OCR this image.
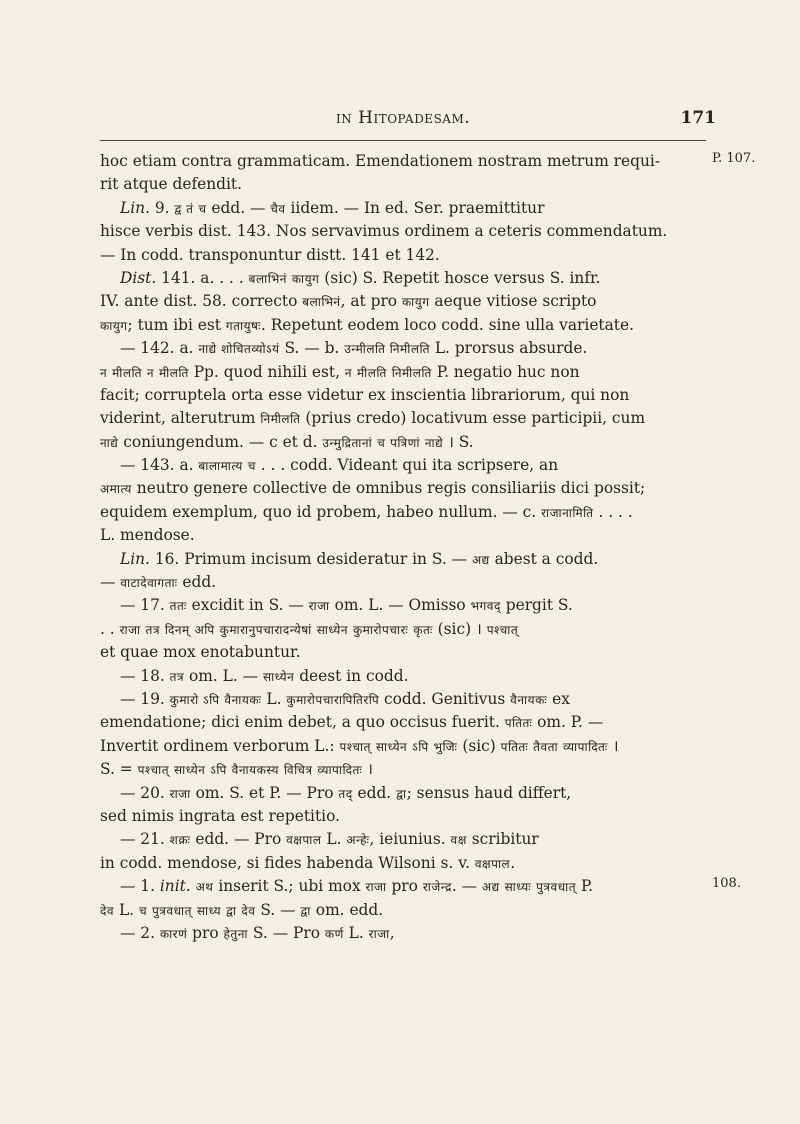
in Hitopadesam.	171
hoc etiam contra grammaticam. Emendationem nostram metrum requi-
rit atque defendit.
Lin. 9. द्व तं च edd. — चैव iidem. — In ed. Ser. praemittitur
hisce verbis dist. 143. Nos servavimus ordinem a ceteris commendatum.
— In codd. transponuntur distt. 141 et 142.
Dist. 141. a. . . . बलाभिनं कायुग (sic) S. Repetit hosce versus S. infr.
IV. ante dist. 58. correcto बलाभिनं, at pro कायुग aeque vitiose scripto
कायुग; tum ibi est गतायुषः. Repetunt eodem loco codd. sine ulla varietate.
— 142. a. नाद्ये शोचितव्योऽयं S. — b. उन्मीलति निमीलति L. prorsus absurde.
न मीलति न मीलति Pp. quod nihili est, न मीलति निमीलति P. negatio huc non
facit; corruptela orta esse videtur ex inscientia librariorum, qui non
viderint, alterutrum निमीलति (prius credo) locativum esse participii, cum
नाद्ये coniungendum. — c et d. उन्मुद्रितानां च पत्रिणां नाद्ये । S.
— 143. a. बालामात्य च . . . codd. Videant qui ita scripsere, an
अमात्य neutro genere collective de omnibus regis consiliariis dici possit;
equidem exemplum, quo id probem, habeo nullum. — c. राजानामिति . . . .
L. mendose.
Lin. 16. Primum incisum desideratur in S. — अद्य abest a codd.
— वाटादेवागताः edd.
— 17. ततः excidit in S. — राजा om. L. — Omisso भगवद् pergit S.
. . राजा तत्र दिनम् अपि कुमारानुपचारादन्येषां साध्येन कुमारोपचारः कृतः (sic) । पश्चात्
et quae mox enotabuntur.
— 18. तत्र om. L. — साध्येन deest in codd.
— 19. कुमारो ऽपि वैनायकः L. कुमारोपचारापितिरपि codd. Genitivus वैनायकः ex
emendatione; dici enim debet, a quo occisus fuerit. पतितः om. P. —
Invertit ordinem verborum L.: पश्चात् साध्येन ऽपि भुजिः (sic) पतितः तैवता व्यापादितः ।
S. = पश्चात् साध्येन ऽपि वैनायकस्य विचित्र व्यापादितः ।
— 20. राजा om. S. et P. — Pro तद् edd. द्वा; sensus haud differt,
sed nimis ingrata est repetitio.
— 21. शक्रः edd. — Pro वक्षपाल L. अन्हेः, ieiunius. वक्ष scribitur
in codd. mendose, si fides habenda Wilsoni s. v. वक्षपाल.
— 1. init. अथ inserit S.; ubi mox राजा pro राजेन्द्र. — अद्य साध्यः पुत्रवधात् P.
देव L. च पुत्रवधात् साध्य द्वा देव S. — द्वा om. edd.
— 2. कारणं pro हेतुना S. — Pro कर्ण L. राजा,
P. 107.
108.
